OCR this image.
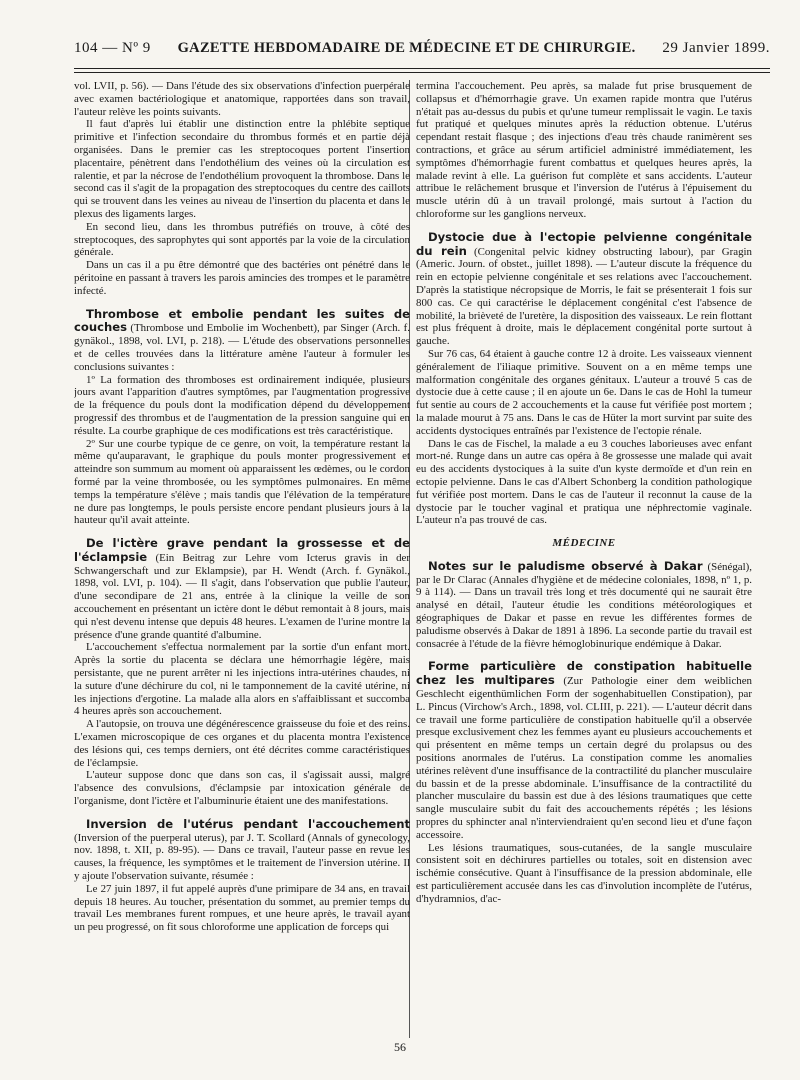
104 — Nº 9 GAZETTE HEBDOMADAIRE DE MÉDECINE ET DE CHIRURGIE. 29 Janvier 1899.

vol. LVII, p. 56). — Dans l'étude des six observations d'infection puerpérale avec examen bactériologique et anatomique, rapportées dans son travail, l'auteur relève les points suivants.

Il faut d'après lui établir une distinction entre la phlébite septique primitive et l'infection secondaire du thrombus formés et en partie déjà organisées. Dans le premier cas les streptocoques portent l'insertion placentaire, pénètrent dans l'endothélium des veines où la circulation est ralentie, et par la nécrose de l'endothélium provoquent la thrombose. Dans le second cas il s'agit de la propagation des streptocoques du centre des caillots qui se trouvent dans les veines au niveau de l'insertion du placenta et dans le plexus des ligaments larges.

En second lieu, dans les thrombus putréfiés on trouve, à côté des streptocoques, des saprophytes qui sont apportés par la voie de la circulation générale.

Dans un cas il a pu être démontré que des bactéries ont pénétré dans le péritoine en passant à travers les parois amincies des trompes et le paramètre infecté.

Thrombose et embolie pendant les suites de couches (Thrombose und Embolie im Wochenbett), par Singer (Arch. f. gynäkol., 1898, vol. LVI, p. 218). — L'étude des observations personnelles et de celles trouvées dans la littérature amène l'auteur à formuler les conclusions suivantes :

1º La formation des thromboses est ordinairement indiquée, plusieurs jours avant l'apparition d'autres symptômes, par l'augmentation progressive de la fréquence du pouls dont la modification dépend du développement progressif des thrombus et de l'augmentation de la pression sanguine qui en résulte. La courbe graphique de ces modifications est très caractéristique.

2º Sur une courbe typique de ce genre, on voit, la température restant la même qu'auparavant, le graphique du pouls monter progressivement et atteindre son summum au moment où apparaissent les œdèmes, ou le cordon formé par la veine thrombosée, ou les symptômes pulmonaires. En même temps la température s'élève ; mais tandis que l'élévation de la température ne dure pas longtemps, le pouls persiste encore pendant plusieurs jours à la hauteur qu'il avait atteinte.

De l'ictère grave pendant la grossesse et de l'éclampsie (Ein Beitrag zur Lehre vom Icterus gravis in der Schwangerschaft und zur Eklampsie), par H. Wendt (Arch. f. Gynäkol., 1898, vol. LVI, p. 104). — Il s'agit, dans l'observation que publie l'auteur, d'une secondipare de 21 ans, entrée à la clinique la veille de son accouchement en présentant un ictère dont le début remontait à 8 jours, mais qui n'est devenu intense que depuis 48 heures. L'examen de l'urine montre la présence d'une grande quantité d'albumine.

L'accouchement s'effectua normalement par la sortie d'un enfant mort. Après la sortie du placenta se déclara une hémorrhagie légère, mais persistante, que ne purent arrêter ni les injections intra-utérines chaudes, ni la suture d'une déchirure du col, ni le tamponnement de la cavité utérine, ni les injections d'ergotine. La malade alla alors en s'affaiblissant et succomba 4 heures après son accouchement.

A l'autopsie, on trouva une dégénérescence graisseuse du foie et des reins. L'examen microscopique de ces organes et du placenta montra l'existence des lésions qui, ces temps derniers, ont été décrites comme caractéristiques de l'éclampsie.

L'auteur suppose donc que dans son cas, il s'agissait aussi, malgré l'absence des convulsions, d'éclampsie par intoxication générale de l'organisme, dont l'ictère et l'albuminurie étaient une des manifestations.

Inversion de l'utérus pendant l'accouchement (Inversion of the puerperal uterus), par J. T. Scollard (Annals of gynecology, nov. 1898, t. XII, p. 89-95). — Dans ce travail, l'auteur passe en revue les causes, la fréquence, les symptômes et le traitement de l'inversion utérine. Il y ajoute l'observation suivante, résumée :

Le 27 juin 1897, il fut appelé auprès d'une primipare de 34 ans, en travail depuis 18 heures. Au toucher, présentation du sommet, au premier temps du travail Les membranes furent rompues, et une heure après, le travail ayant un peu progressé, on fit sous chloroforme une application de forceps qui

termina l'accouchement. Peu après, sa malade fut prise brusquement de collapsus et d'hémorrhagie grave. Un examen rapide montra que l'utérus n'était pas au-dessus du pubis et qu'une tumeur remplissait le vagin. Le taxis fut pratiqué et quelques minutes après la réduction obtenue. L'utérus cependant restait flasque ; des injections d'eau très chaude ranimèrent ses contractions, et grâce au sérum artificiel administré immédiatement, les symptômes d'hémorrhagie furent combattus et quelques heures après, la malade revint à elle. La guérison fut complète et sans accidents. L'auteur attribue le relâchement brusque et l'inversion de l'utérus à l'épuisement du muscle utérin dû à un travail prolongé, mais surtout à l'action du chloroforme sur les ganglions nerveux.

Dystocie due à l'ectopie pelvienne congénitale du rein (Congenital pelvic kidney obstructing labour), par Gragin (Americ. Journ. of obstet., juillet 1898). — L'auteur discute la fréquence du rein en ectopie pelvienne congénitale et ses relations avec l'accouchement. D'après la statistique nécropsique de Morris, le fait se présenterait 1 fois sur 800 cas. Ce qui caractérise le déplacement congénital c'est l'absence de mobilité, la brièveté de l'uretère, la disposition des vaisseaux. Le rein flottant est plus fréquent à droite, mais le déplacement congénital porte surtout à gauche.

Sur 76 cas, 64 étaient à gauche contre 12 à droite. Les vaisseaux viennent généralement de l'iliaque primitive. Souvent on a en même temps une malformation congénitale des organes génitaux. L'auteur a trouvé 5 cas de dystocie due à cette cause ; il en ajoute un 6e. Dans le cas de Hohl la tumeur fut sentie au cours de 2 accouchements et la cause fut vérifiée post mortem ; la malade mourut à 75 ans. Dans le cas de Hüter la mort survint par suite des accidents dystociques entraînés par l'existence de l'ectopie rénale.

Dans le cas de Fischel, la malade a eu 3 couches laborieuses avec enfant mort-né. Runge dans un autre cas opéra à 8e grossesse une malade qui avait eu des accidents dystociques à la suite d'un kyste dermoïde et d'un rein en ectopie pelvienne. Dans le cas d'Albert Schonberg la condition pathologique fut vérifiée post mortem. Dans le cas de l'auteur il reconnut la cause de la dystocie par le toucher vaginal et pratiqua une néphrectomie vaginale. L'auteur n'a pas trouvé de cas.

MÉDECINE

Notes sur le paludisme observé à Dakar (Sénégal), par le Dr Clarac (Annales d'hygiène et de médecine coloniales, 1898, nº 1, p. 9 à 114). — Dans un travail très long et très documenté qui ne saurait être analysé en détail, l'auteur étudie les conditions météorologiques et géographiques de Dakar et passe en revue les différentes formes de paludisme observés à Dakar de 1891 à 1896. La seconde partie du travail est consacrée à l'étude de la fièvre hémoglobinurique endémique à Dakar.

Forme particulière de constipation habituelle chez les multipares (Zur Pathologie einer dem weiblichen Geschlecht eigenthümlichen Form der sogenhabituellen Constipation), par L. Pincus (Virchow's Arch., 1898, vol. CLIII, p. 221). — L'auteur décrit dans ce travail une forme particulière de constipation habituelle qu'il a observée presque exclusivement chez les femmes ayant eu plusieurs accouchements et qui présentent en même temps un certain degré du prolapsus ou des positions anormales de l'utérus. La constipation comme les anomalies utérines relèvent d'une insuffisance de la contractilité du plancher musculaire du bassin et de la presse abdominale. L'insuffisance de la contractilité du plancher musculaire du bassin est due à des lésions traumatiques que cette sangle musculaire subit du fait des accouchements répétés ; les lésions propres du sphincter anal n'interviendraient qu'en second lieu et d'une façon accessoire.

Les lésions traumatiques, sous-cutanées, de la sangle musculaire consistent soit en déchirures partielles ou totales, soit en distension avec ischémie consécutive. Quant à l'insuffisance de la pression abdominale, elle est particulièrement accusée dans les cas d'involution incomplète de l'utérus, d'hydramnios, d'ac-

56
